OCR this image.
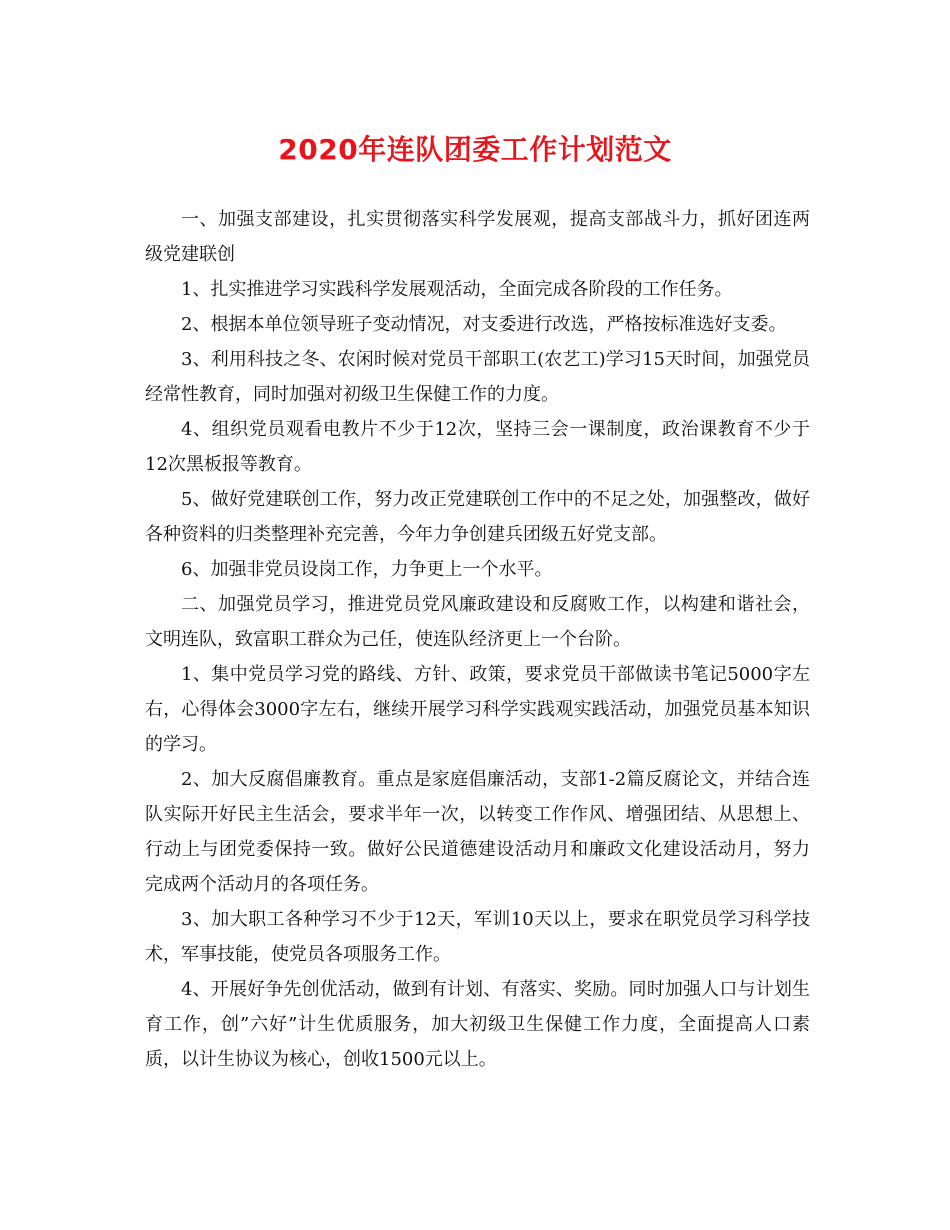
2020年连队团委工作计划范文

一、加强支部建设，扎实贯彻落实科学发展观，提高支部战斗力，抓好团连两级党建联创

1、扎实推进学习实践科学发展观活动，全面完成各阶段的工作任务。

2、根据本单位领导班子变动情况，对支委进行改选，严格按标准选好支委。

3、利用科技之冬、农闲时候对党员干部职工(农艺工)学习15天时间，加强党员经常性教育，同时加强对初级卫生保健工作的力度。

4、组织党员观看电教片不少于12次，坚持三会一课制度，政治课教育不少于12次黑板报等教育。

5、做好党建联创工作，努力改正党建联创工作中的不足之处，加强整改，做好各种资料的归类整理补充完善，今年力争创建兵团级五好党支部。

6、加强非党员设岗工作，力争更上一个水平。

二、加强党员学习，推进党员党风廉政建设和反腐败工作，以构建和谐社会，文明连队，致富职工群众为己任，使连队经济更上一个台阶。

1、集中党员学习党的路线、方针、政策，要求党员干部做读书笔记5000字左右，心得体会3000字左右，继续开展学习科学实践观实践活动，加强党员基本知识的学习。

2、加大反腐倡廉教育。重点是家庭倡廉活动，支部1-2篇反腐论文，并结合连队实际开好民主生活会，要求半年一次，以转变工作作风、增强团结、从思想上、行动上与团党委保持一致。做好公民道德建设活动月和廉政文化建设活动月，努力完成两个活动月的各项任务。

3、加大职工各种学习不少于12天，军训10天以上，要求在职党员学习科学技术，军事技能，使党员各项服务工作。

4、开展好争先创优活动，做到有计划、有落实、奖励。同时加强人口与计划生育工作，创”六好”计生优质服务，加大初级卫生保健工作力度，全面提高人口素质，以计生协议为核心，创收1500元以上。
